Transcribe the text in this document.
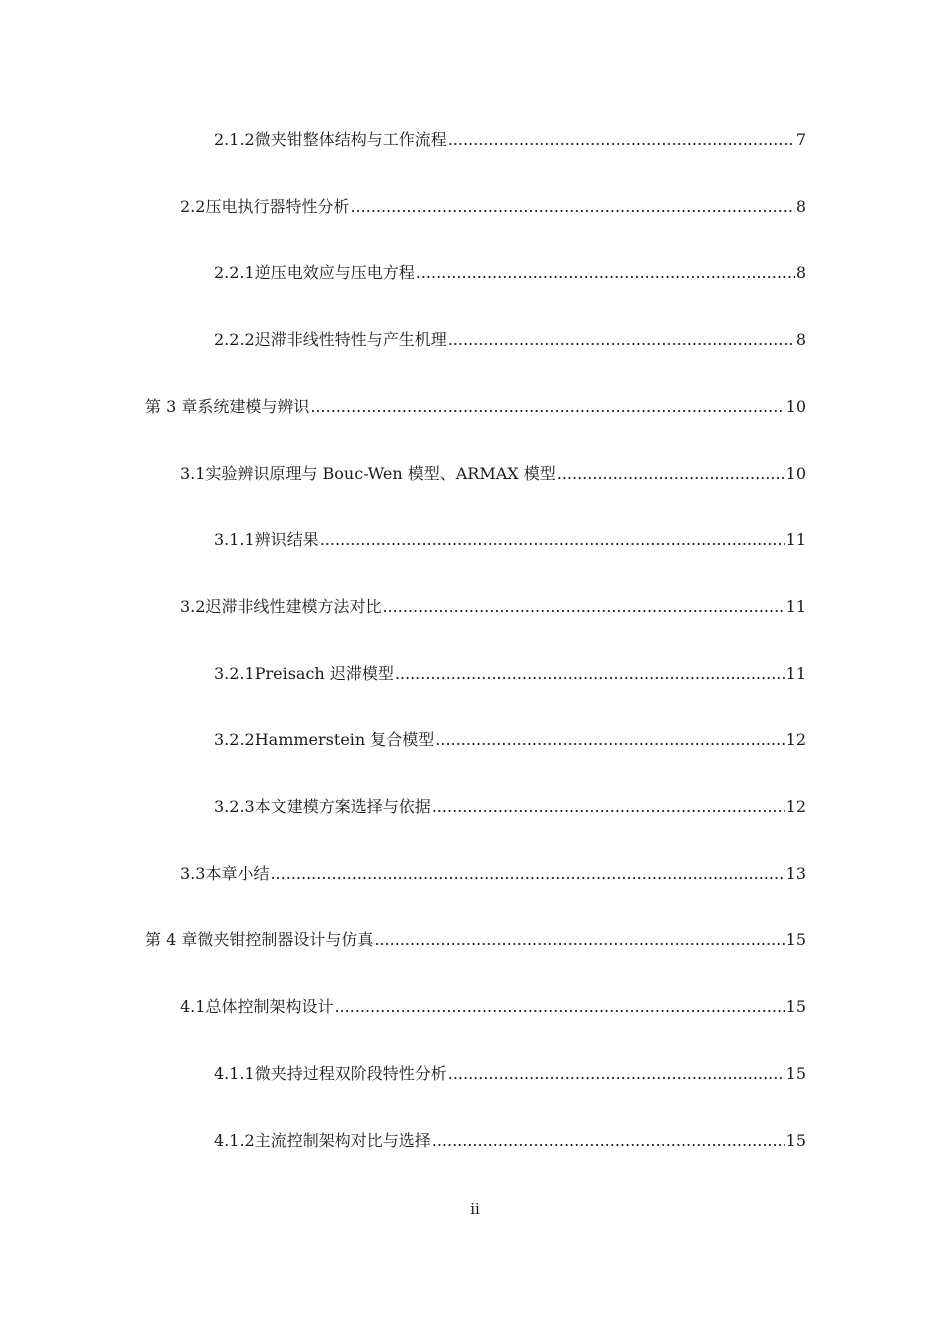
2.1.2 微夹钳整体结构与工作流程 .....	7
2.2 压电执行器特性分析 .....	8
2.2.1 逆压电效应与压电方程 .....	8
2.2.2 迟滞非线性特性与产生机理 .....	8
第 3 章 系统建模与辨识 .....	10
3.1 实验辨识原理与 Bouc-Wen 模型、ARMAX 模型 .....	10
3.1.1 辨识结果 .....	11
3.2 迟滞非线性建模方法对比 .....	11
3.2.1 Preisach 迟滞模型 .....	11
3.2.2 Hammerstein 复合模型 .....	12
3.2.3 本文建模方案选择与依据 .....	12
3.3 本章小结 .....	13
第 4 章 微夹钳控制器设计与仿真 .....	15
4.1 总体控制架构设计 .....	15
4.1.1 微夹持过程双阶段特性分析 .....	15
4.1.2 主流控制架构对比与选择 .....	15
ii
